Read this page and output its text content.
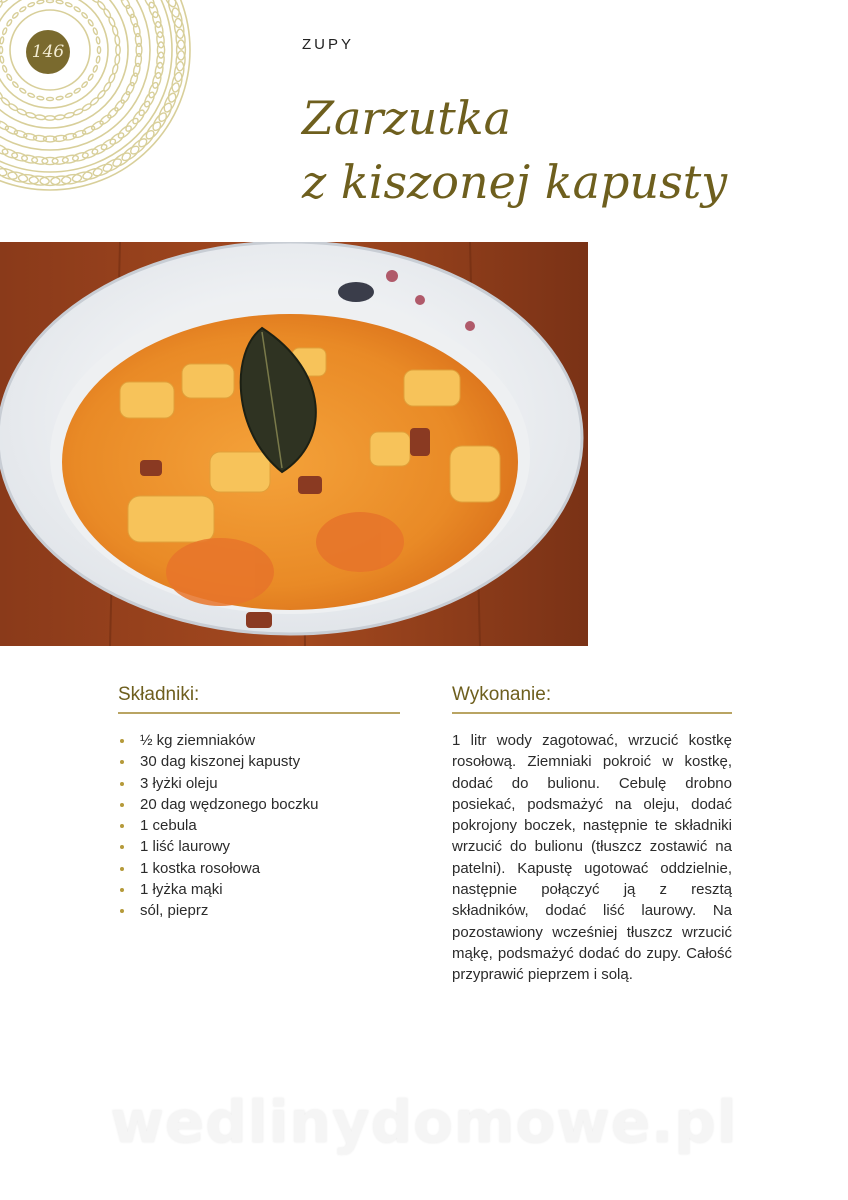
146	ZUPY
Zarzutka
z kiszonej kapusty
Składniki:
½ kg ziemniaków
30 dag kiszonej kapusty
3 łyżki oleju
20 dag wędzonego boczku
1 cebula
1 liść laurowy
1 kostka rosołowa
1 łyżka mąki
sól, pieprz
Wykonanie:

1 litr wody zagotować, wrzucić kostkę rosołową. Ziemniaki pokroić w kostkę, dodać do bulionu. Cebulę drobno posiekać, podsmażyć na oleju, dodać pokrojony boczek, następnie te składniki wrzucić do bulionu (tłuszcz zostawić na patelni). Kapustę ugotować oddzielnie, następnie połączyć ją z resztą składników, dodać liść laurowy. Na pozostawiony wcześniej tłuszcz wrzucić mąkę, podsmażyć dodać do zupy. Całość przyprawić pieprzem i solą.

wedlinydomowe.pl
